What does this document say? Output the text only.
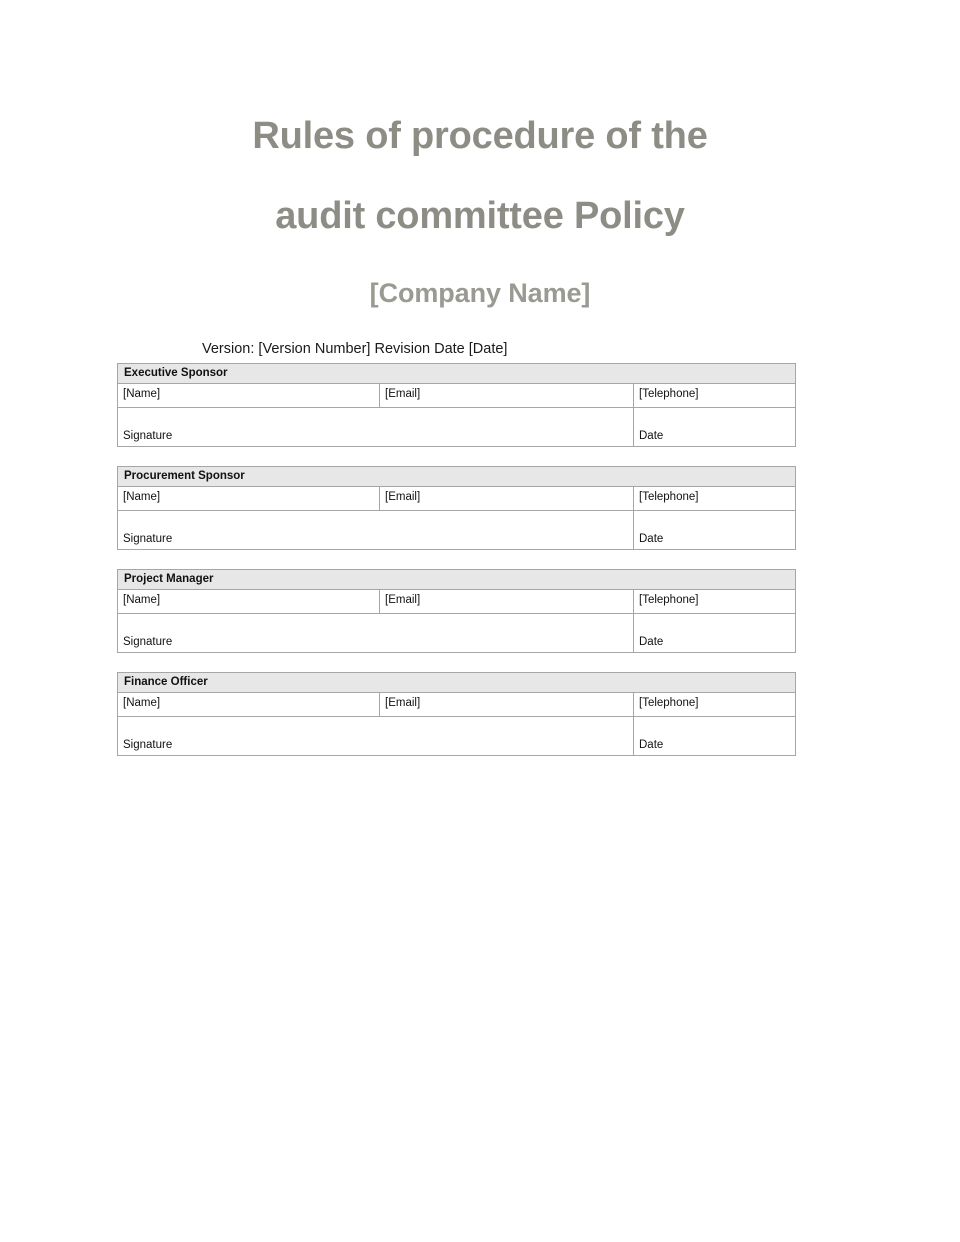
Rules of procedure of the
audit committee Policy
[Company Name]
Version: [Version Number] Revision Date [Date]
Executive Sponsor		
[Name]	[Email]	[Telephone]
Signature		Date
Procurement Sponsor		
[Name]	[Email]	[Telephone]
Signature		Date
Project Manager		
[Name]	[Email]	[Telephone]
Signature		Date
Finance Officer		
[Name]	[Email]	[Telephone]
Signature		Date
